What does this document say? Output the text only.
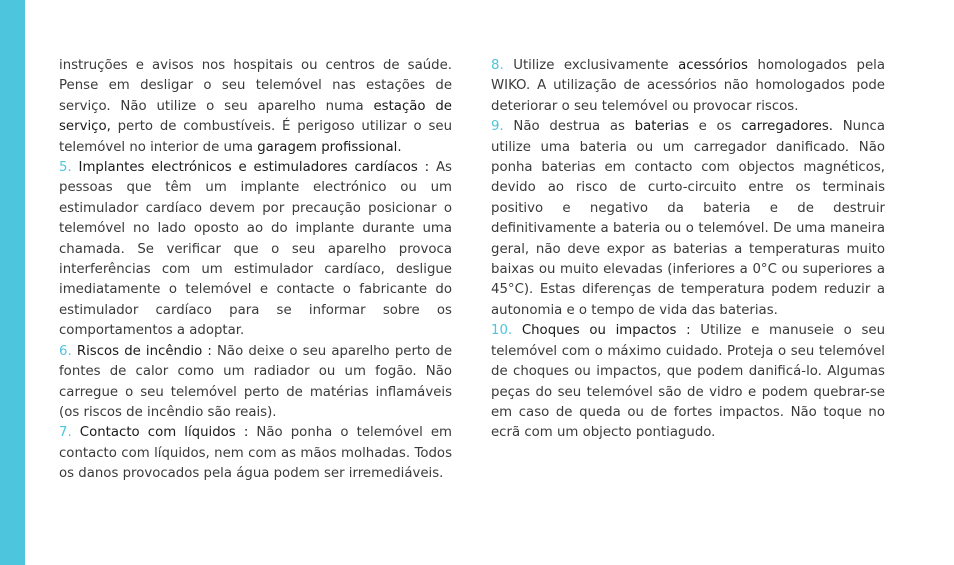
instruções e avisos nos hospitais ou centros de saúde. Pense em desligar o seu telemóvel nas estações de serviço. Não utilize o seu aparelho numa estação de serviço, perto de combustíveis. É perigoso utilizar o seu telemóvel no interior de uma garagem profissional.

5. Implantes electrónicos e estimuladores cardíacos : As pessoas que têm um implante electrónico ou um estimulador cardíaco devem por precaução posicionar o telemóvel no lado oposto ao do implante durante uma chamada. Se verificar que o seu aparelho provoca interferências com um estimulador cardíaco, desligue imediatamente o telemóvel e contacte o fabricante do estimulador cardíaco para se informar sobre os comportamentos a adoptar.

6. Riscos de incêndio : Não deixe o seu aparelho perto de fontes de calor como um radiador ou um fogão. Não carregue o seu telemóvel perto de matérias inflamáveis (os riscos de incêndio são reais).

7. Contacto com líquidos : Não ponha o telemóvel em contacto com líquidos, nem com as mãos molhadas. Todos os danos provocados pela água podem ser irremediáveis.

8. Utilize exclusivamente acessórios homologados pela WIKO. A utilização de acessórios não homologados pode deteriorar o seu telemóvel ou provocar riscos.

9. Não destrua as baterias e os carregadores. Nunca utilize uma bateria ou um carregador danificado. Não ponha baterias em contacto com objectos magnéticos, devido ao risco de curto-circuito entre os terminais positivo e negativo da bateria e de destruir definitivamente a bateria ou o telemóvel. De uma maneira geral, não deve expor as baterias a temperaturas muito baixas ou muito elevadas (inferiores a 0°C ou superiores a 45°C). Estas diferenças de temperatura podem reduzir a autonomia e o tempo de vida das baterias.

10. Choques ou impactos : Utilize e manuseie o seu telemóvel com o máximo cuidado. Proteja o seu telemóvel de choques ou impactos, que podem danificá-lo. Algumas peças do seu telemóvel são de vidro e podem quebrar-se em caso de queda ou de fortes impactos. Não toque no ecrã com um objecto pontiagudo.
